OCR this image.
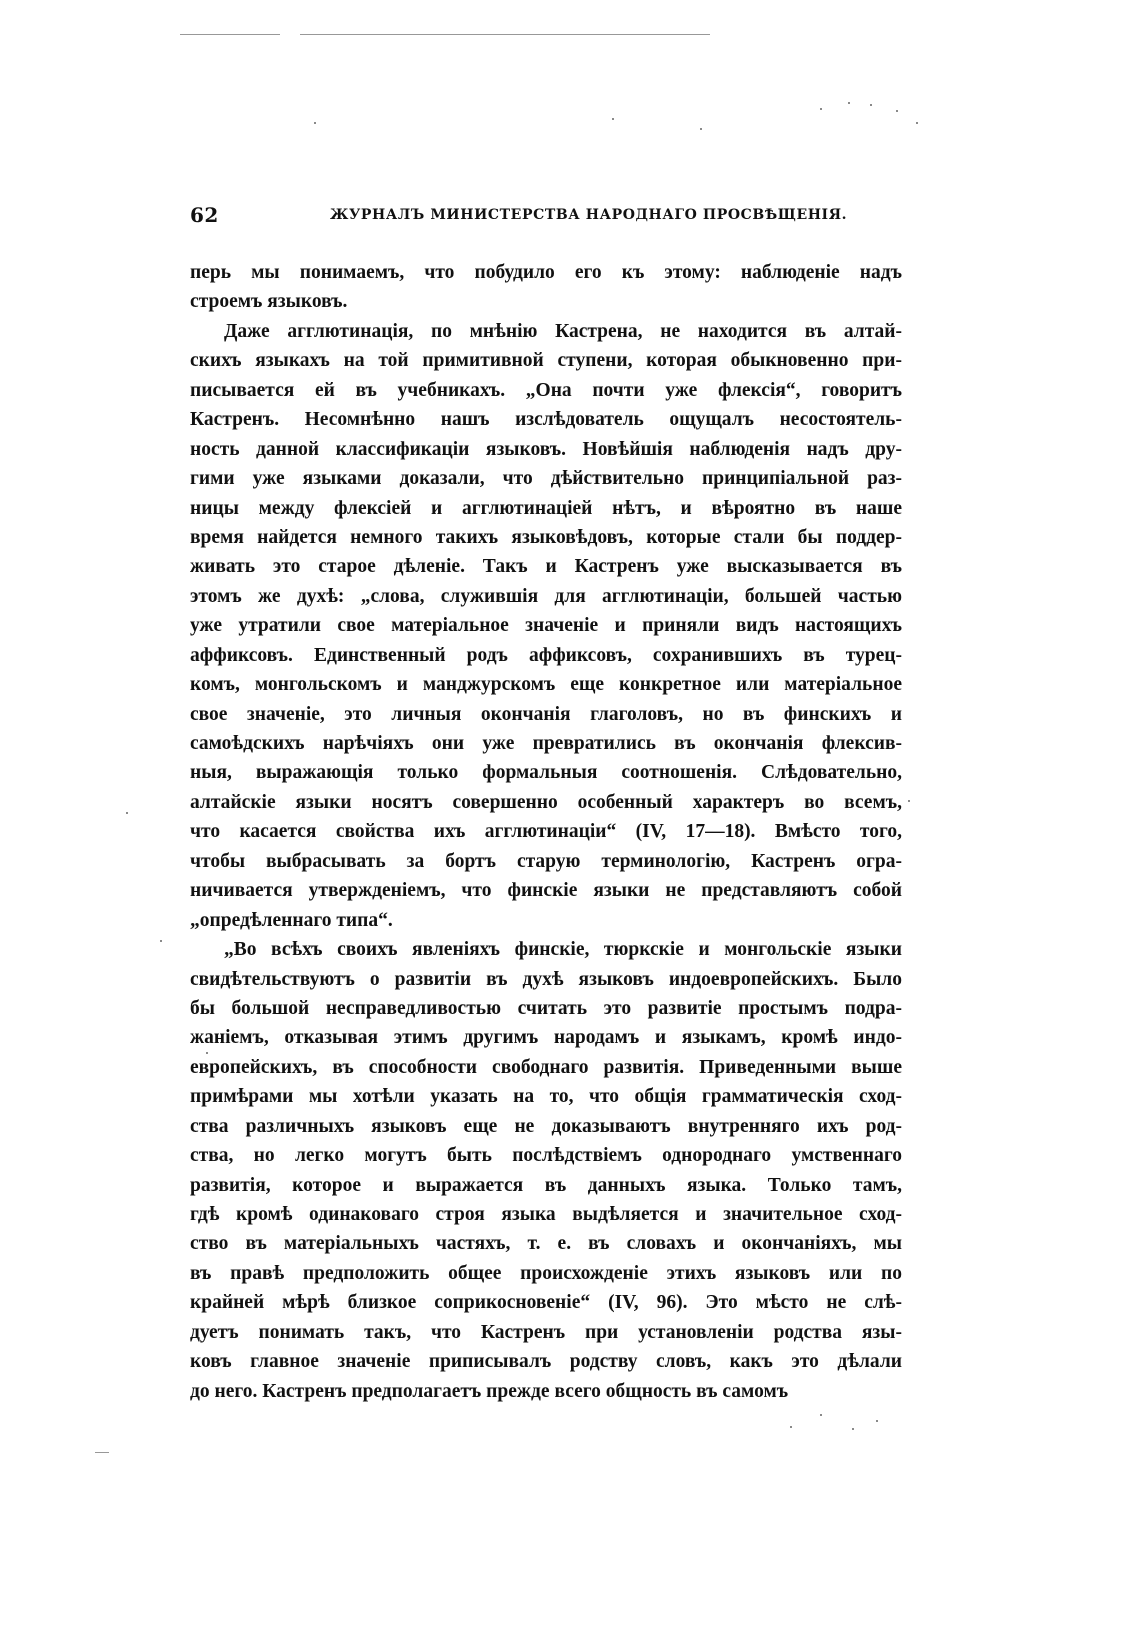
62	ЖУРНАЛЪ МИНИСТЕРСТВА НАРОДНАГО ПРОСВѢЩЕНІЯ.
перь мы понимаемъ, что побудило его къ этому: наблюденіе надъ
строемъ языковъ.
Даже агглютинація, по мнѣнію Кастрена, не находится въ алтай-
скихъ языкахъ на той примитивной ступени, которая обыкновенно при-
писывается ей въ учебникахъ. „Она почти уже флексія“, говоритъ
Кастренъ. Несомнѣнно нашъ изслѣдователь ощущалъ несостоятель-
ность данной классификаціи языковъ. Новѣйшія наблюденія надъ дру-
гими уже языками доказали, что дѣйствительно принципіальной раз-
ницы между флексіей и агглютинаціей нѣтъ, и вѣроятно въ наше
время найдется немного такихъ языковѣдовъ, которые стали бы поддер-
живать это старое дѣленіе. Такъ и Кастренъ уже высказывается въ
этомъ же духѣ: „слова, служившія для агглютинаціи, большей частью
уже утратили свое матеріальное значеніе и приняли видъ настоящихъ
аффиксовъ. Единственный родъ аффиксовъ, сохранившихъ въ турец-
комъ, монгольскомъ и манджурскомъ еще конкретное или матеріальное
свое значеніе, это личныя окончанія глаголовъ, но въ финскихъ и
самоѣдскихъ нарѣчіяхъ они уже превратились въ окончанія флексив-
ныя, выражающія только формальныя соотношенія. Слѣдовательно,
алтайскіе языки носятъ совершенно особенный характеръ во всемъ,
что касается свойства ихъ агглютинаціи“ (IV, 17—18). Вмѣсто того,
чтобы выбрасывать за бортъ старую терминологію, Кастренъ огра-
ничивается утвержденіемъ, что финскіе языки не представляютъ собой
„опредѣленнаго типа“.
„Во всѣхъ своихъ явленіяхъ финскіе, тюркскіе и монгольскіе языки
свидѣтельствуютъ о развитіи въ духѣ языковъ индоевропейскихъ. Было
бы большой несправедливостью считать это развитіе простымъ подра-
жаніемъ, отказывая этимъ другимъ народамъ и языкамъ, кромѣ индо-
европейскихъ, въ способности свободнаго развитія. Приведенными выше
примѣрами мы хотѣли указать на то, что общія грамматическія сход-
ства различныхъ языковъ еще не доказываютъ внутренняго ихъ род-
ства, но легко могутъ быть послѣдствіемъ однороднаго умственнаго
развитія, которое и выражается въ данныхъ языка. Только тамъ,
гдѣ кромѣ одинаковаго строя языка выдѣляется и значительное сход-
ство въ матеріальныхъ частяхъ, т. е. въ словахъ и окончаніяхъ, мы
въ правѣ предположить общее происхожденіе этихъ языковъ или по
крайней мѣрѣ близкое соприкосновеніе“ (IV, 96). Это мѣсто не слѣ-
дуетъ понимать такъ, что Кастренъ при установленіи родства язы-
ковъ главное значеніе приписывалъ родству словъ, какъ это дѣлали
до него. Кастренъ предполагаетъ прежде всего общность въ самомъ
